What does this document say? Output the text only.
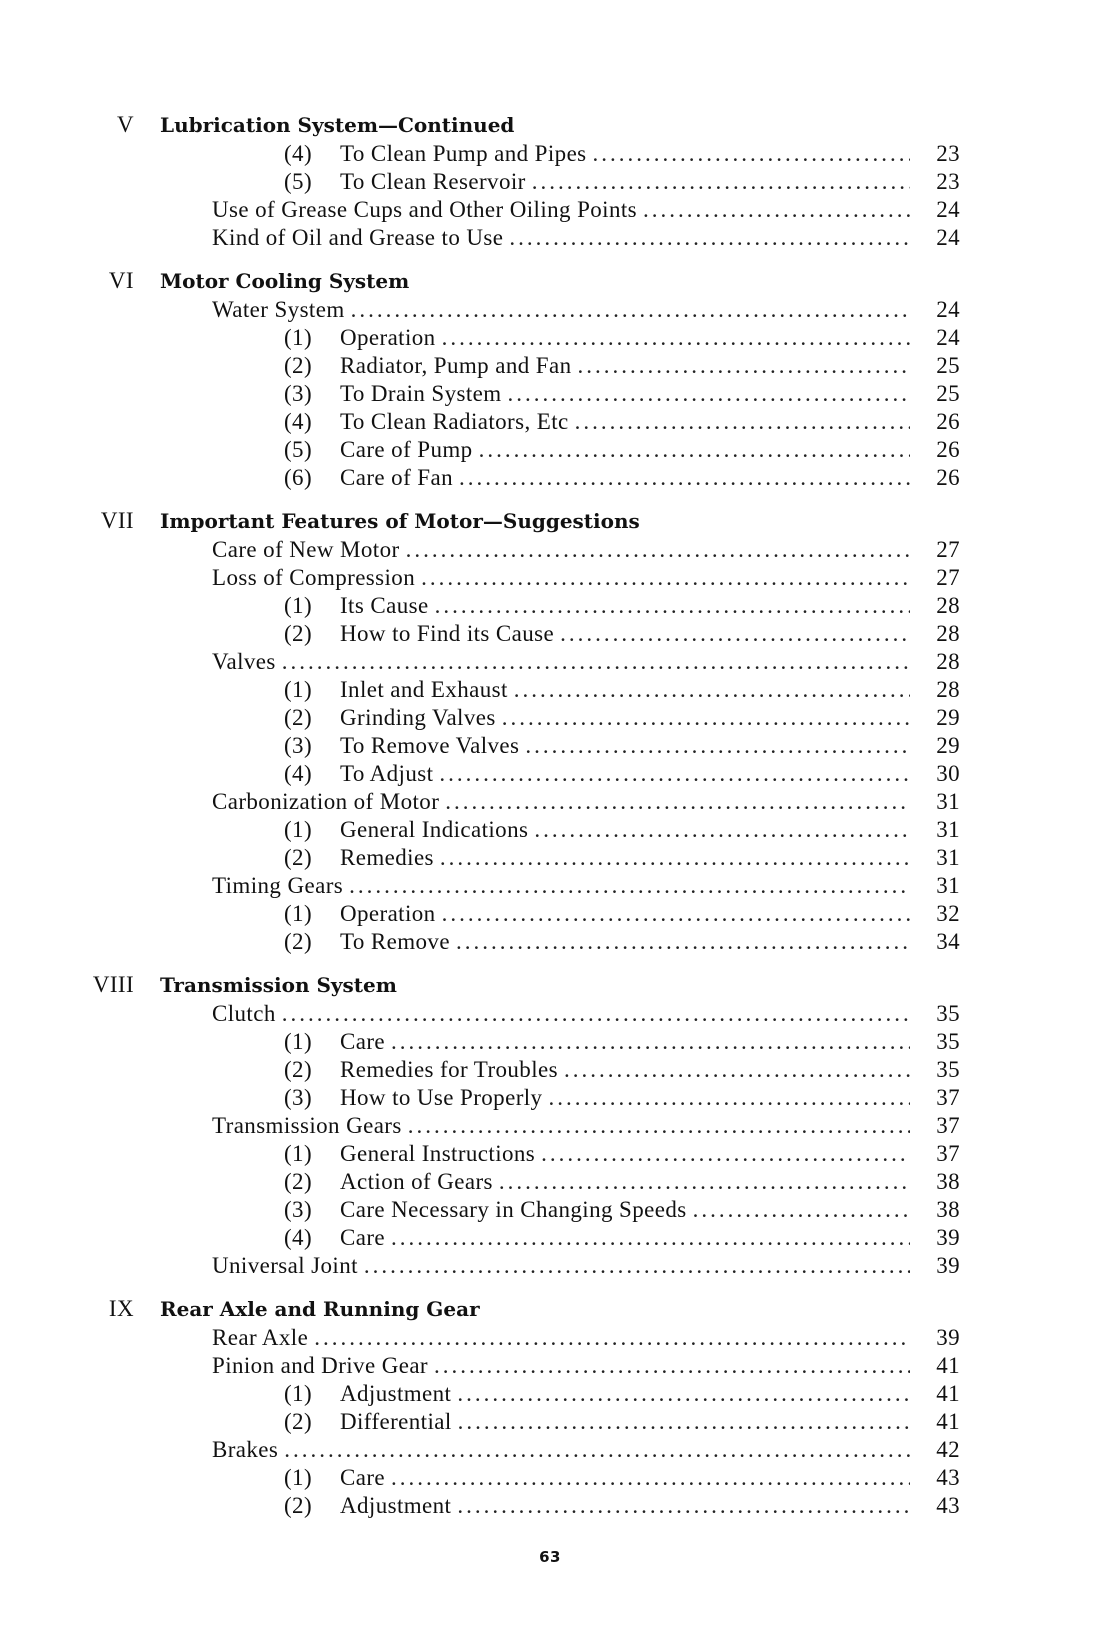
V	Lubrication System—Continued
(4)	To Clean Pump and Pipes .....	23
(5)	To Clean Reservoir .....	23
Use of Grease Cups and Other Oiling Points .....	24
Kind of Oil and Grease to Use .....	24
VI	Motor Cooling System
Water System .....	24
(1)	Operation .....	24
(2)	Radiator, Pump and Fan .....	25
(3)	To Drain System .....	25
(4)	To Clean Radiators, Etc .....	26
(5)	Care of Pump .....	26
(6)	Care of Fan .....	26
VII	Important Features of Motor—Suggestions
Care of New Motor .....	27
Loss of Compression .....	27
(1)	Its Cause .....	28
(2)	How to Find its Cause .....	28
Valves .....	28
(1)	Inlet and Exhaust .....	28
(2)	Grinding Valves .....	29
(3)	To Remove Valves .....	29
(4)	To Adjust .....	30
Carbonization of Motor .....	31
(1)	General Indications .....	31
(2)	Remedies .....	31
Timing Gears .....	31
(1)	Operation .....	32
(2)	To Remove .....	34
VIII	Transmission System
Clutch .....	35
(1)	Care .....	35
(2)	Remedies for Troubles .....	35
(3)	How to Use Properly .....	37
Transmission Gears .....	37
(1)	General Instructions .....	37
(2)	Action of Gears .....	38
(3)	Care Necessary in Changing Speeds .....	38
(4)	Care .....	39
Universal Joint .....	39
IX	Rear Axle and Running Gear
Rear Axle .....	39
Pinion and Drive Gear .....	41
(1)	Adjustment .....	41
(2)	Differential .....	41
Brakes .....	42
(1)	Care .....	43
(2)	Adjustment .....	43
63
